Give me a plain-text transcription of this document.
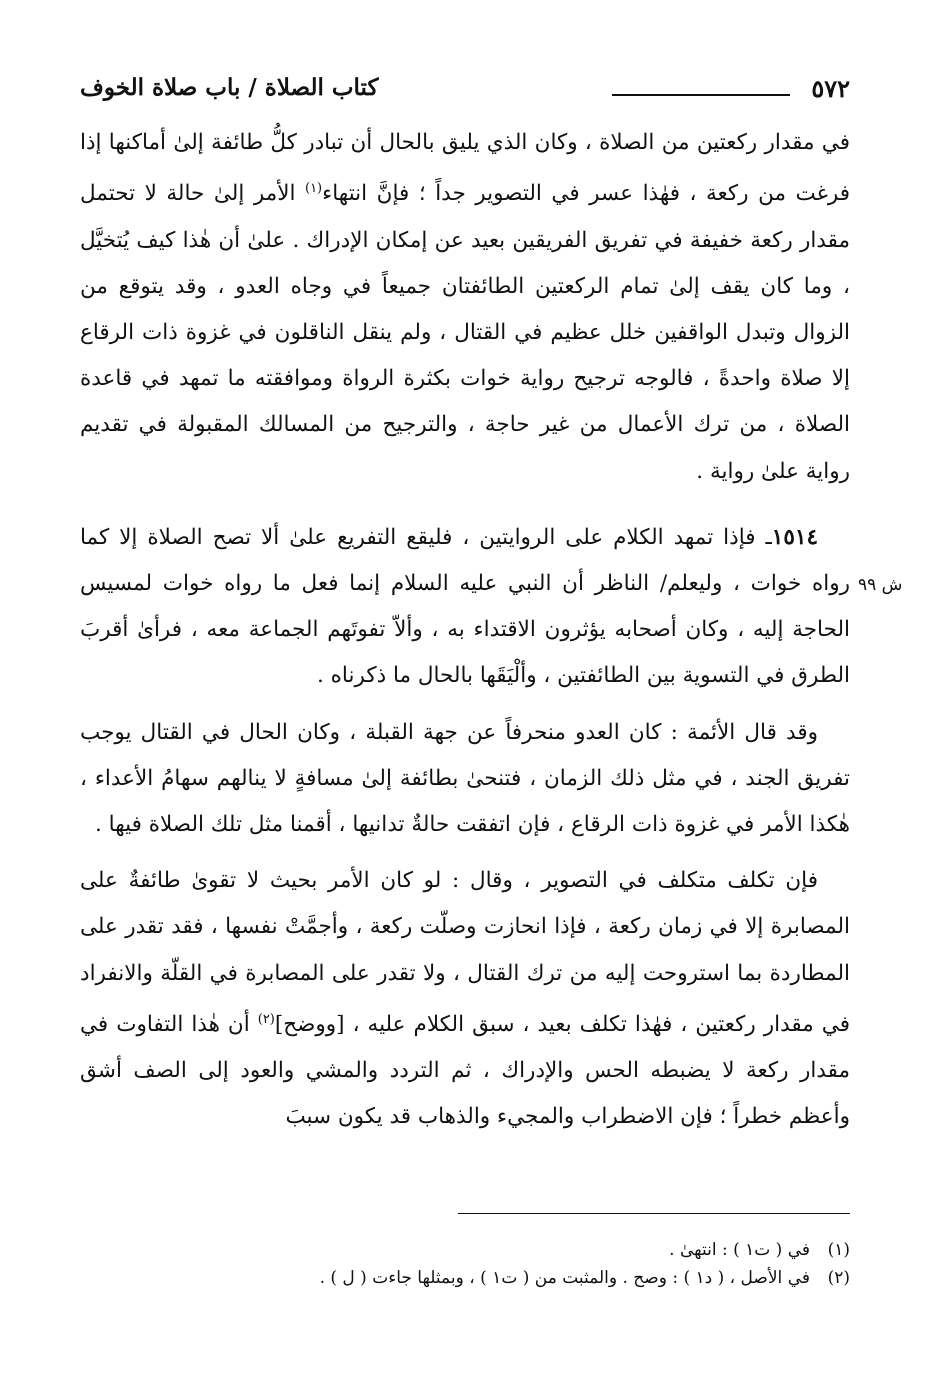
٥٧٢
كتاب الصلاة / باب صلاة الخوف
ش ٩٩

في مقدار ركعتين من الصلاة ، وكان الذي يليق بالحال أن تبادر كلُّ طائفة إلىٰ أماكنها إذا فرغت من ركعة ، فهٰذا عسر في التصوير جداً ؛ فإنَّ انتهاء$^{(١)}$ الأمر إلىٰ حالة لا تحتمل مقدار ركعة خفيفة في تفريق الفريقين بعيد عن إمكان الإدراك . علىٰ أن هٰذا كيف يُتخيَّل ، وما كان يقف إلىٰ تمام الركعتين الطائفتان جميعاً في وجاه العدو ، وقد يتوقع من الزوال وتبدل الواقفين خلل عظيم في القتال ، ولم ينقل الناقلون في غزوة ذات الرقاع إلا صلاة واحدةً ، فالوجه ترجيح رواية خوات بكثرة الرواة وموافقته ما تمهد في قاعدة الصلاة ، من ترك الأعمال من غير حاجة ، والترجيح من المسالك المقبولة في تقديم رواية علىٰ رواية .

١٥١٤ـ فإذا تمهد الكلام على الروايتين ، فليقع التفريع علىٰ ألا تصح الصلاة إلا كما رواه خوات ، وليعلم/ الناظر أن النبي عليه السلام إنما فعل ما رواه خوات لمسيس الحاجة إليه ، وكان أصحابه يؤثرون الاقتداء به ، وألاّ تفوتَهم الجماعة معه ، فرأىٰ أقربَ الطرق في التسوية بين الطائفتين ، وألْيَقَها بالحال ما ذكرناه .

وقد قال الأئمة : كان العدو منحرفاً عن جهة القبلة ، وكان الحال في القتال يوجب تفريق الجند ، في مثل ذلك الزمان ، فتنحىٰ بطائفة إلىٰ مسافةٍ لا ينالهم سهامُ الأعداء ، هٰكذا الأمر في غزوة ذات الرقاع ، فإن اتفقت حالةٌ تدانيها ، أقمنا مثل تلك الصلاة فيها .

فإن تكلف متكلف في التصوير ، وقال : لو كان الأمر بحيث لا تقوىٰ طائفةٌ على المصابرة إلا في زمان ركعة ، فإذا انحازت وصلّت ركعة ، وأجمَّتْ نفسها ، فقد تقدر على المطاردة بما استروحت إليه من ترك القتال ، ولا تقدر على المصابرة في القلّة والانفراد في مقدار ركعتين ، فهٰذا تكلف بعيد ، سبق الكلام عليه ، [ووضح]$^{(٢)}$ أن هٰذا التفاوت في مقدار ركعة لا يضبطه الحس والإدراك ، ثم التردد والمشي والعود إلى الصف أشق وأعظم خطراً ؛ فإن الاضطراب والمجيء والذهاب قد يكون سببَ

(١)في ( ت١ ) : انتهىٰ .
(٢)في الأصل ، ( د١ ) : وصح . والمثبت من ( ت١ ) ، وبمثلها جاءت ( ل ) .
